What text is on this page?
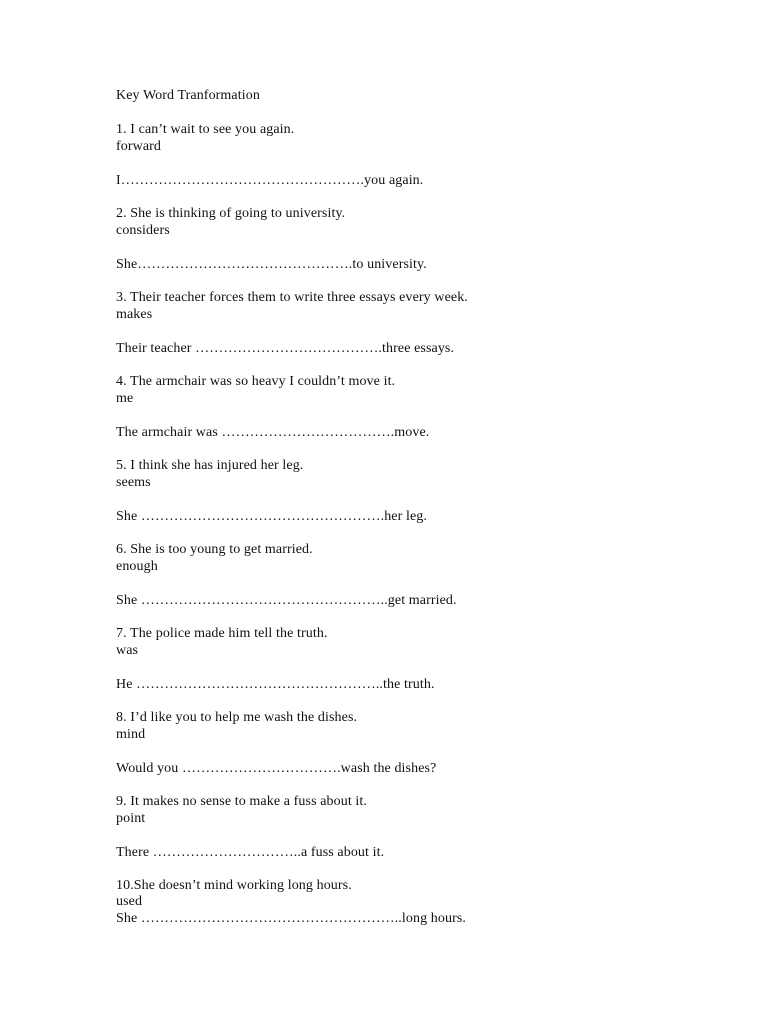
Key Word Tranformation
1. I can’t wait to see you again.
forward
I…………………………………………….you again.
2. She is thinking of going to university.
considers
She……………………………………….to university.
3. Their teacher forces them to write three essays every week.
makes
Their teacher ………………………………….three essays.
4. The armchair was so heavy I couldn’t move it.
me
The armchair was ……………………………….move.
5. I think she has injured her leg.
seems
She …………………………………………….her leg.
6. She is too young to get married.
enough
She ……………………………………………..get married.
7. The police made him tell the truth.
was
He ……………………………………………..the truth.
8. I’d like you to help me wash the dishes.
mind
Would you …………………………….wash the dishes?
9. It makes no sense to make a fuss about it.
point
There …………………………..a fuss about it.
10.She doesn’t mind working long hours.
used
She ………………………………………………..long hours.
